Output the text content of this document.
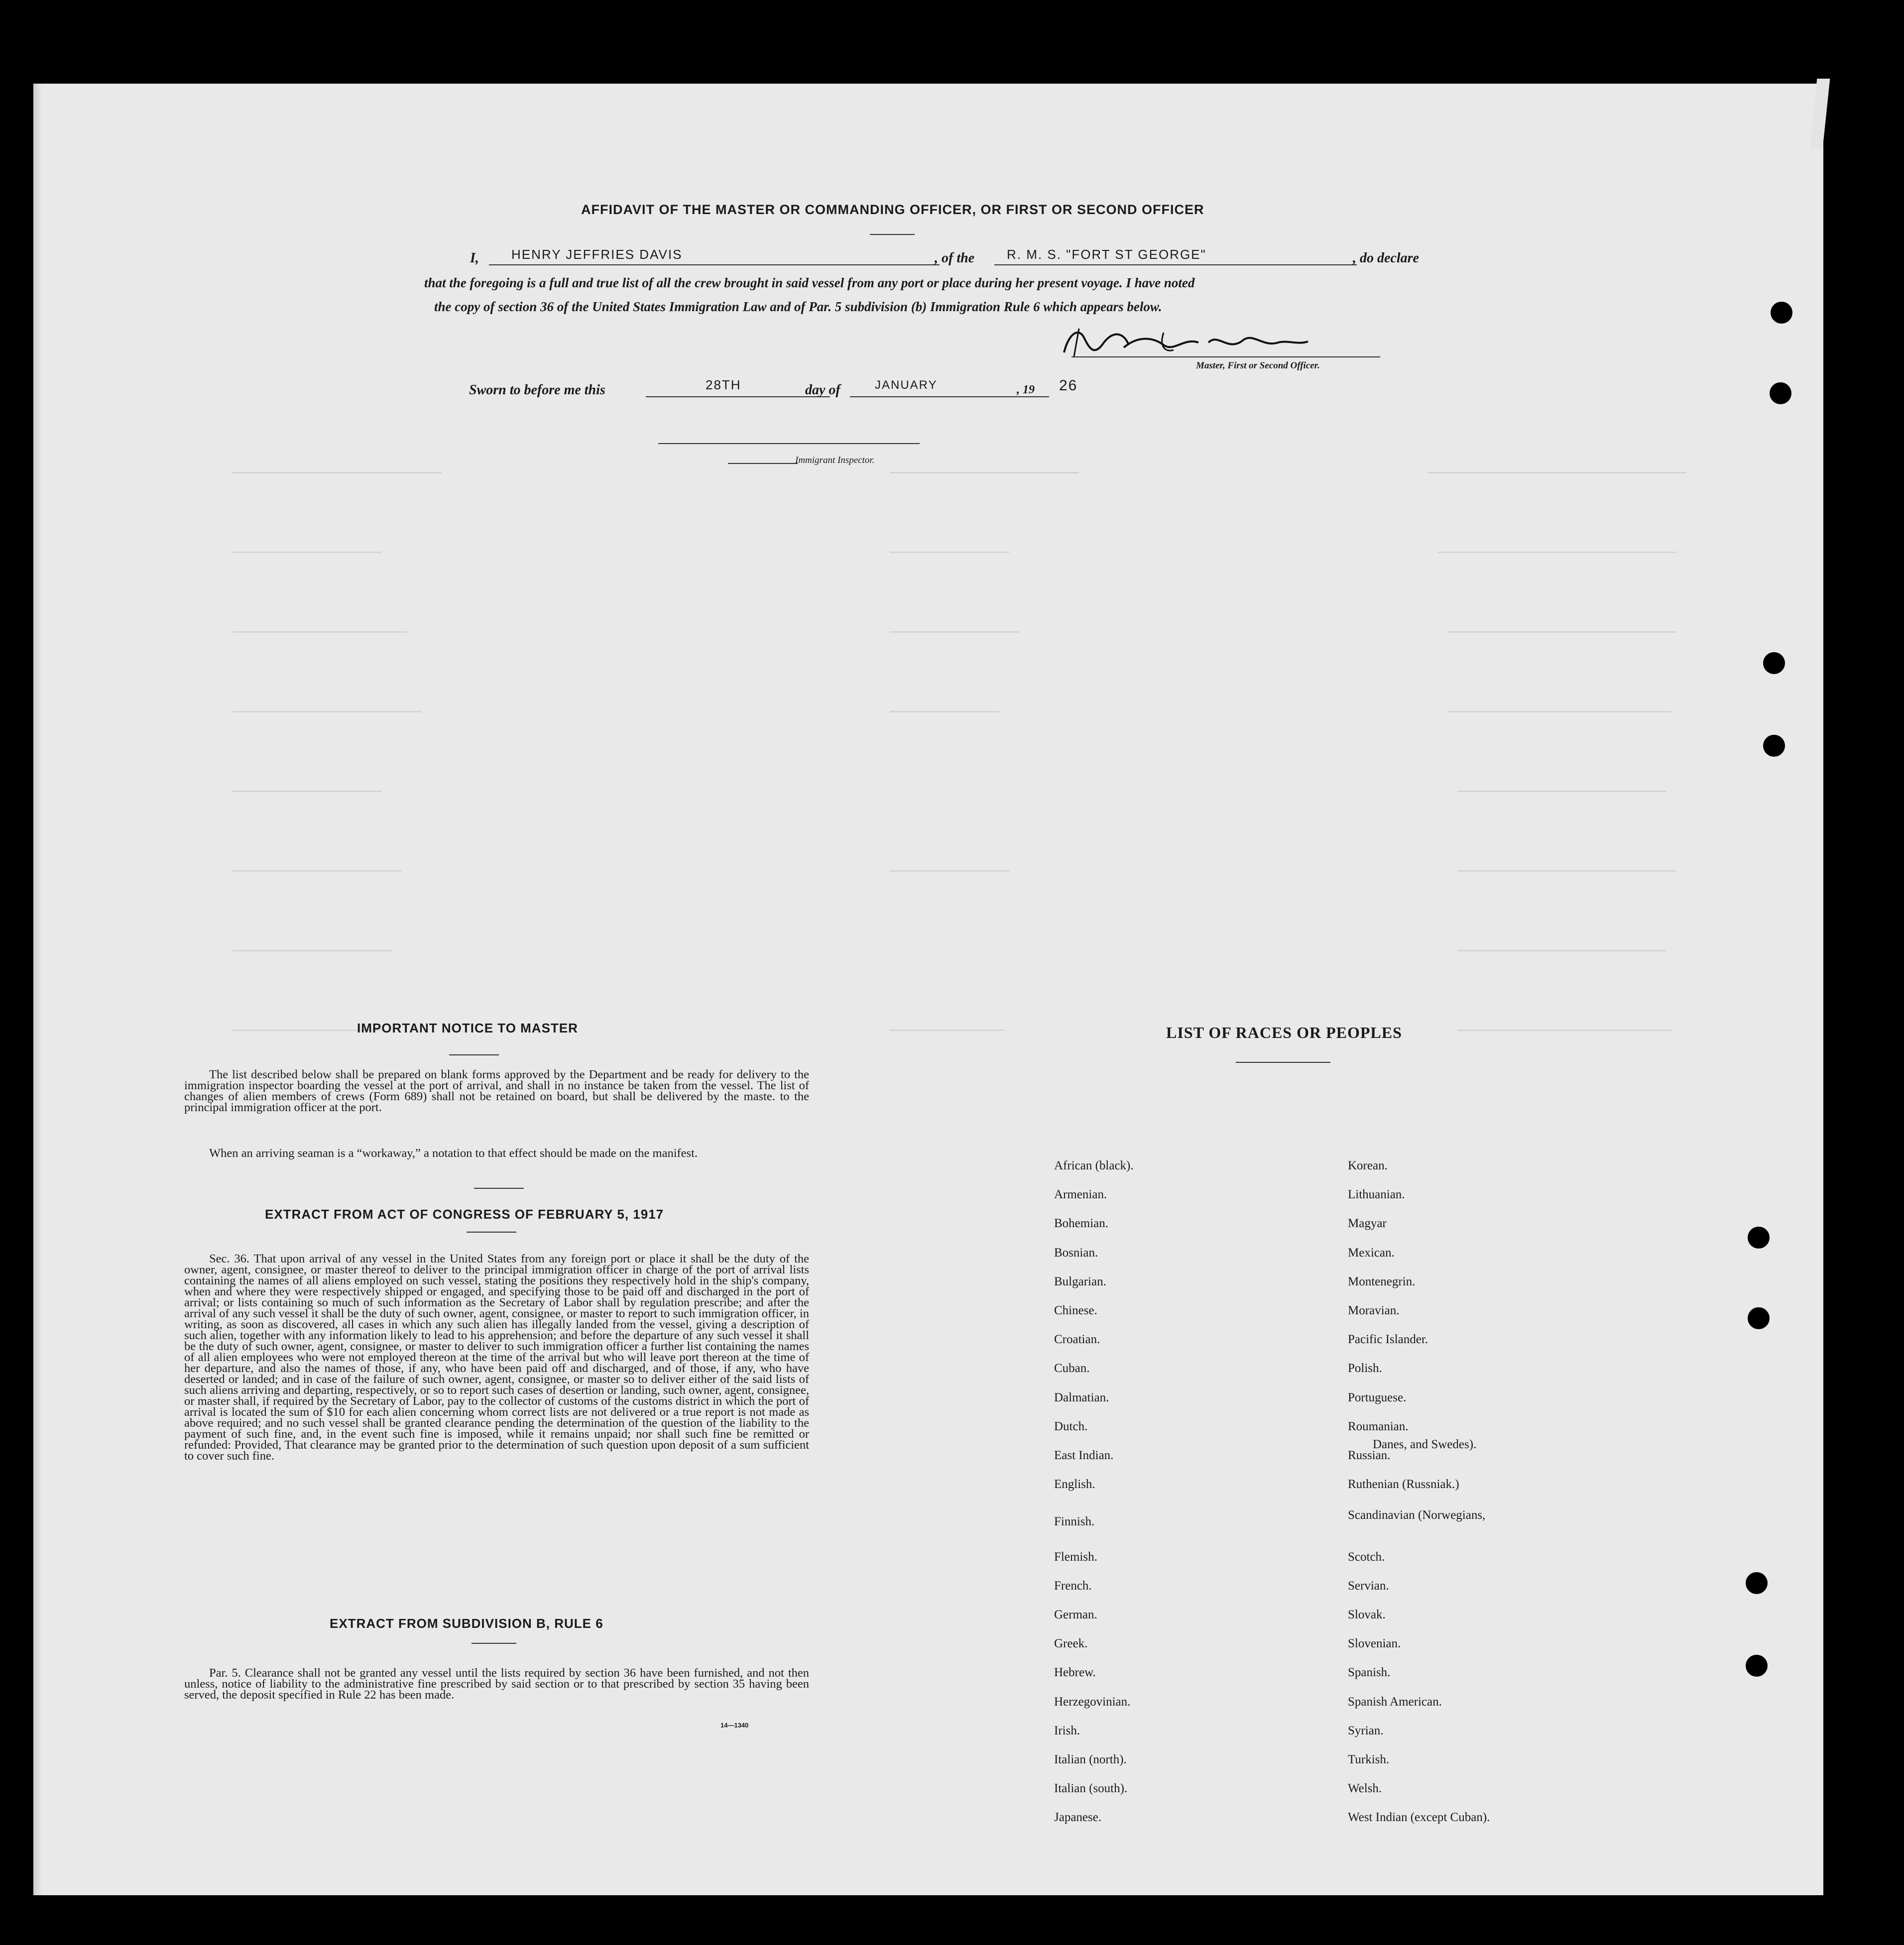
AFFIDAVIT OF THE MASTER OR COMMANDING OFFICER, OR FIRST OR SECOND OFFICER
I,	HENRY JEFFRIES DAVIS	, of the R. M. S. "FORT ST GEORGE"	, do declare
that the foregoing is a full and true list of all the crew brought in said vessel from any port or place during her present voyage. I have noted
the copy of section 36 of the United States Immigration Law and of Par. 5 subdivision (b) Immigration Rule 6 which appears below.
Master, First or Second Officer.
Sworn to before me this	28TH	day of	JANUARY	, 19 26
Immigrant Inspector.
IMPORTANT NOTICE TO MASTER
The list described below shall be prepared on blank forms approved by the Department and be ready for delivery to the immigration inspector boarding the vessel at the port of arrival, and shall in no instance be taken from the vessel. The list of changes of alien members of crews (Form 689) shall not be retained on board, but shall be delivered by the maste. to the principal immigration officer at the port.
When an arriving seaman is a “workaway,” a notation to that effect should be made on the manifest.
EXTRACT FROM ACT OF CONGRESS OF FEBRUARY 5, 1917
Sec. 36. That upon arrival of any vessel in the United States from any foreign port or place it shall be the duty of the owner, agent, consignee, or master thereof to deliver to the principal immigration officer in charge of the port of arrival lists containing the names of all aliens employed on such vessel, stating the positions they respectively hold in the ship's company, when and where they were respectively shipped or engaged, and specifying those to be paid off and discharged in the port of arrival; or lists containing so much of such information as the Secretary of Labor shall by regulation prescribe; and after the arrival of any such vessel it shall be the duty of such owner, agent, consignee, or master to report to such immigration officer, in writing, as soon as discovered, all cases in which any such alien has illegally landed from the vessel, giving a description of such alien, together with any information likely to lead to his apprehension; and before the departure of any such vessel it shall be the duty of such owner, agent, consignee, or master to deliver to such immigration officer a further list containing the names of all alien employees who were not employed thereon at the time of the arrival but who will leave port thereon at the time of her departure, and also the names of those, if any, who have been paid off and discharged, and of those, if any, who have deserted or landed; and in case of the failure of such owner, agent, consignee, or master so to deliver either of the said lists of such aliens arriving and departing, respectively, or so to report such cases of desertion or landing, such owner, agent, consignee, or master shall, if required by the Secretary of Labor, pay to the collector of customs of the customs district in which the port of arrival is located the sum of $10 for each alien concerning whom correct lists are not delivered or a true report is not made as above required; and no such vessel shall be granted clearance pending the determination of the question of the liability to the payment of such fine, and, in the event such fine is imposed, while it remains unpaid; nor shall such fine be remitted or refunded: Provided, That clearance may be granted prior to the determination of such question upon deposit of a sum sufficient to cover such fine.
EXTRACT FROM SUBDIVISION B, RULE 6
Par. 5. Clearance shall not be granted any vessel until the lists required by section 36 have been furnished, and not then unless, notice of liability to the administrative fine prescribed by said section or to that prescribed by section 35 having been served, the deposit specified in Rule 22 has been made.
14—1340
LIST OF RACES OR PEOPLES
African (black).
Armenian.
Bohemian.
Bosnian.
Bulgarian.
Chinese.
Croatian.
Cuban.
Dalmatian.
Dutch.
East Indian.
English.
Finnish.
Flemish.
French.
German.
Greek.
Hebrew.
Herzegovinian.
Irish.
Italian (north).
Italian (south).
Japanese.
Korean.
Lithuanian.
Magyar
Mexican.
Montenegrin.
Moravian.
Pacific Islander.
Polish.
Portuguese.
Roumanian.
Russian.
Ruthenian (Russniak.)
Scandinavian (Norwegians,
Scotch.
Servian.
Slovak.
Slovenian.
Spanish.
Spanish American.
Syrian.
Turkish.
Welsh.
West Indian (except Cuban).
Danes, and Swedes).
